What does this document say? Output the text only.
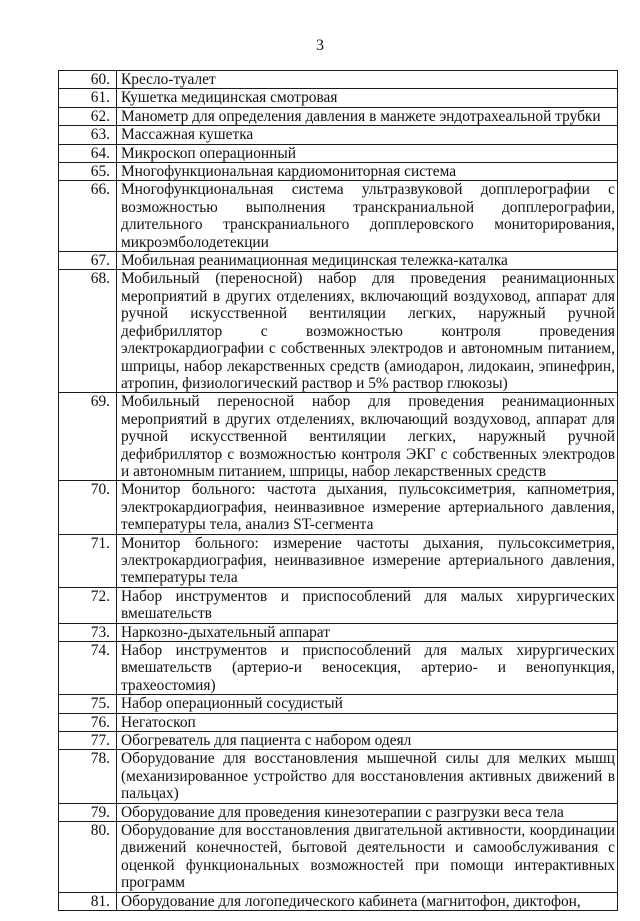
3
60.	Кресло-туалет
61.	Кушетка медицинская смотровая
62.	Манометр для определения давления в манжете эндотрахеальной трубки
63.	Массажная кушетка
64.	Микроскоп операционный
65.	Многофункциональная кардиомониторная система
66.	Многофункциональная система ультразвуковой допплерографии с возможностью выполнения транскраниальной допплерографии, длительного транскраниального допплеровского мониторирования, микроэмболодетекции
67.	Мобильная реанимационная медицинская тележка-каталка
68.	Мобильный (переносной) набор для проведения реанимационных мероприятий в других отделениях, включающий воздуховод, аппарат для ручной искусственной вентиляции легких, наружный ручной дефибриллятор с возможностью контроля проведения электрокардиографии с собственных электродов и автономным питанием, шприцы, набор лекарственных средств (амиодарон, лидокаин, эпинефрин, атропин, физиологический раствор и 5% раствор глюкозы)
69.	Мобильный переносной набор для проведения реанимационных мероприятий в других отделениях, включающий воздуховод, аппарат для ручной искусственной вентиляции легких, наружный ручной дефибриллятор с возможностью контроля ЭКГ с собственных электродов и автономным питанием, шприцы, набор лекарственных средств
70.	Монитор больного: частота дыхания, пульсоксиметрия, капнометрия, электрокардиография, неинвазивное измерение артериального давления, температуры тела, анализ ST-сегмента
71.	Монитор больного: измерение частоты дыхания, пульсоксиметрия, электрокардиография, неинвазивное измерение артериального давления, температуры тела
72.	Набор инструментов и приспособлений для малых хирургических вмешательств
73.	Наркозно-дыхательный аппарат
74.	Набор инструментов и приспособлений для малых хирургических вмешательств (артерио-и веносекция, артерио- и венопункция, трахеостомия)
75.	Набор операционный сосудистый
76.	Негатоскоп
77.	Обогреватель для пациента с набором одеял
78.	Оборудование для восстановления мышечной силы для мелких мышц (механизированное устройство для восстановления активных движений в пальцах)
79.	Оборудование для проведения кинезотерапии с разгрузки веса тела
80.	Оборудование для восстановления двигательной активности, координации движений конечностей, бытовой деятельности и самообслуживания с оценкой функциональных возможностей при помощи интерактивных программ
81.	Оборудование для логопедического кабинета (магнитофон, диктофон,
